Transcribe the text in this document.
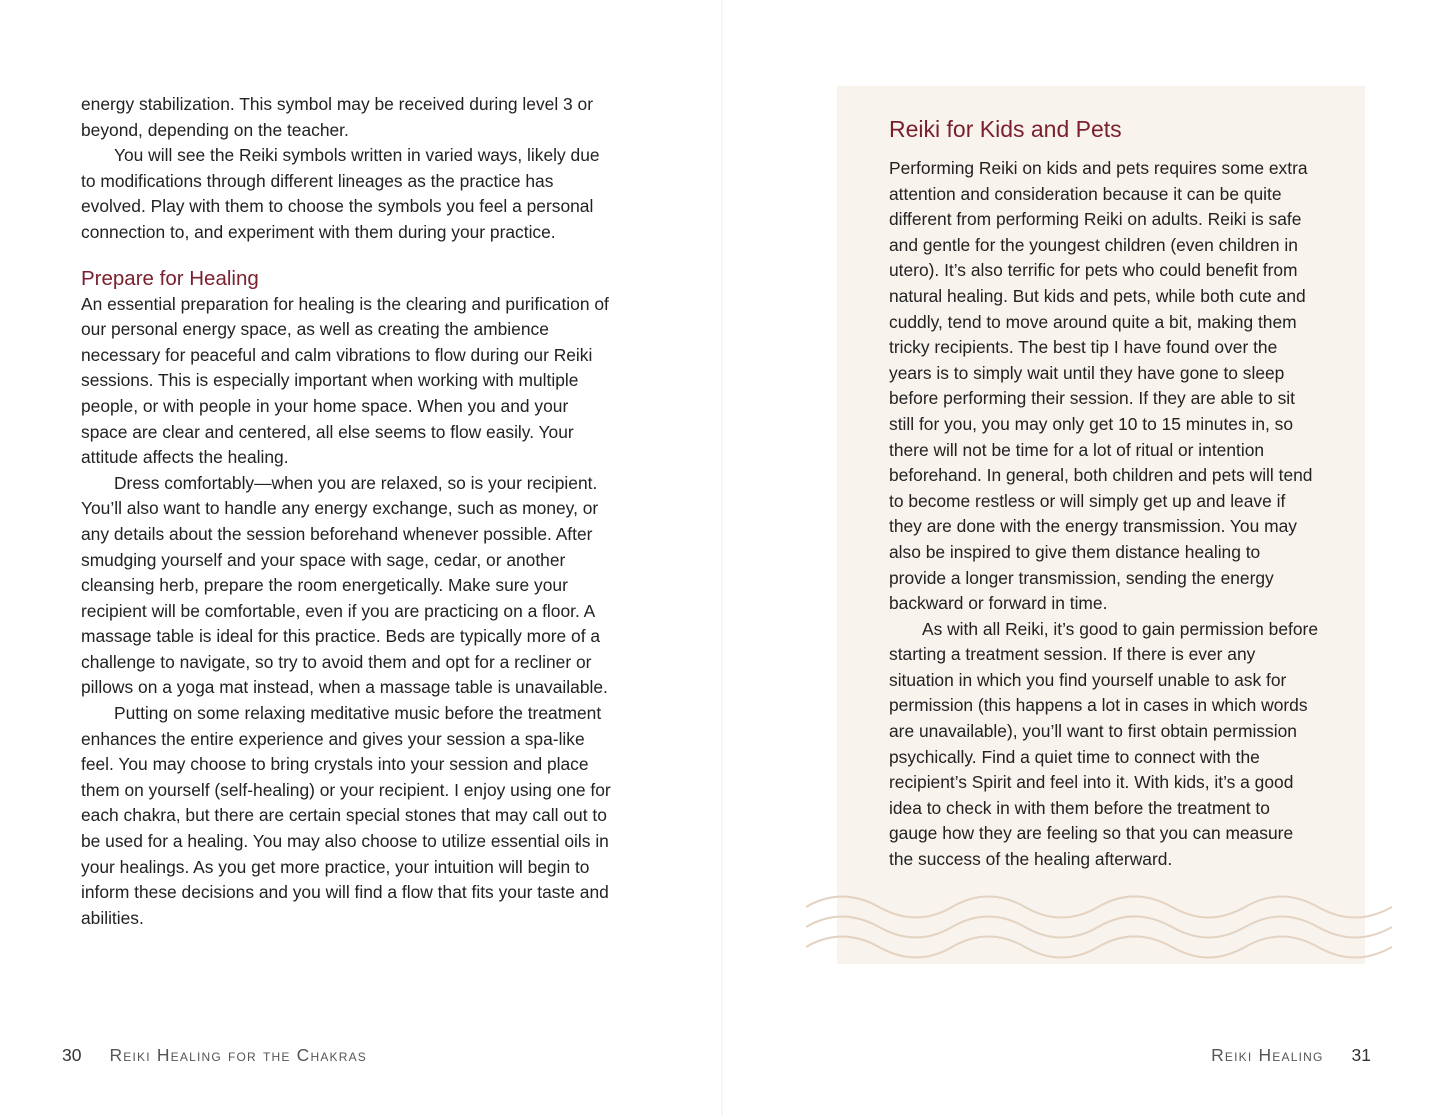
energy stabilization. This symbol may be received during level 3 or beyond, depending on the teacher.

You will see the Reiki symbols written in varied ways, likely due to modifications through different lineages as the practice has evolved. Play with them to choose the symbols you feel a personal connection to, and experiment with them during your practice.

Prepare for Healing

An essential preparation for healing is the clearing and purification of our personal energy space, as well as creating the ambience necessary for peaceful and calm vibrations to flow during our Reiki sessions. This is especially important when working with multiple people, or with people in your home space. When you and your space are clear and centered, all else seems to flow easily. Your attitude affects the healing.

Dress comfortably—when you are relaxed, so is your recipient. You’ll also want to handle any energy exchange, such as money, or any details about the session beforehand whenever possible. After smudging yourself and your space with sage, cedar, or another cleansing herb, prepare the room energetically. Make sure your recipient will be comfortable, even if you are practicing on a floor. A massage table is ideal for this practice. Beds are typically more of a challenge to navigate, so try to avoid them and opt for a recliner or pillows on a yoga mat instead, when a massage table is unavailable.

Putting on some relaxing meditative music before the treatment enhances the entire experience and gives your session a spa-like feel. You may choose to bring crystals into your session and place them on yourself (self-healing) or your recipient. I enjoy using one for each chakra, but there are certain special stones that may call out to be used for a healing. You may also choose to utilize essential oils in your healings. As you get more practice, your intuition will begin to inform these decisions and you will find a flow that fits your taste and abilities.

30 Reiki Healing for the Chakras
Reiki for Kids and Pets

Performing Reiki on kids and pets requires some extra attention and consideration because it can be quite different from performing Reiki on adults. Reiki is safe and gentle for the youngest children (even children in utero). It’s also terrific for pets who could benefit from natural healing. But kids and pets, while both cute and cuddly, tend to move around quite a bit, making them tricky recipients. The best tip I have found over the years is to simply wait until they have gone to sleep before performing their session. If they are able to sit still for you, you may only get 10 to 15 minutes in, so there will not be time for a lot of ritual or intention beforehand. In general, both children and pets will tend to become restless or will simply get up and leave if they are done with the energy transmission. You may also be inspired to give them distance healing to provide a longer transmission, sending the energy backward or forward in time.

As with all Reiki, it’s good to gain permission before starting a treatment session. If there is ever any situation in which you find yourself unable to ask for permission (this happens a lot in cases in which words are unavailable), you’ll want to first obtain permission psychically. Find a quiet time to connect with the recipient’s Spirit and feel into it. With kids, it’s a good idea to check in with them before the treatment to gauge how they are feeling so that you can measure the success of the healing afterward.

Reiki Healing 31
